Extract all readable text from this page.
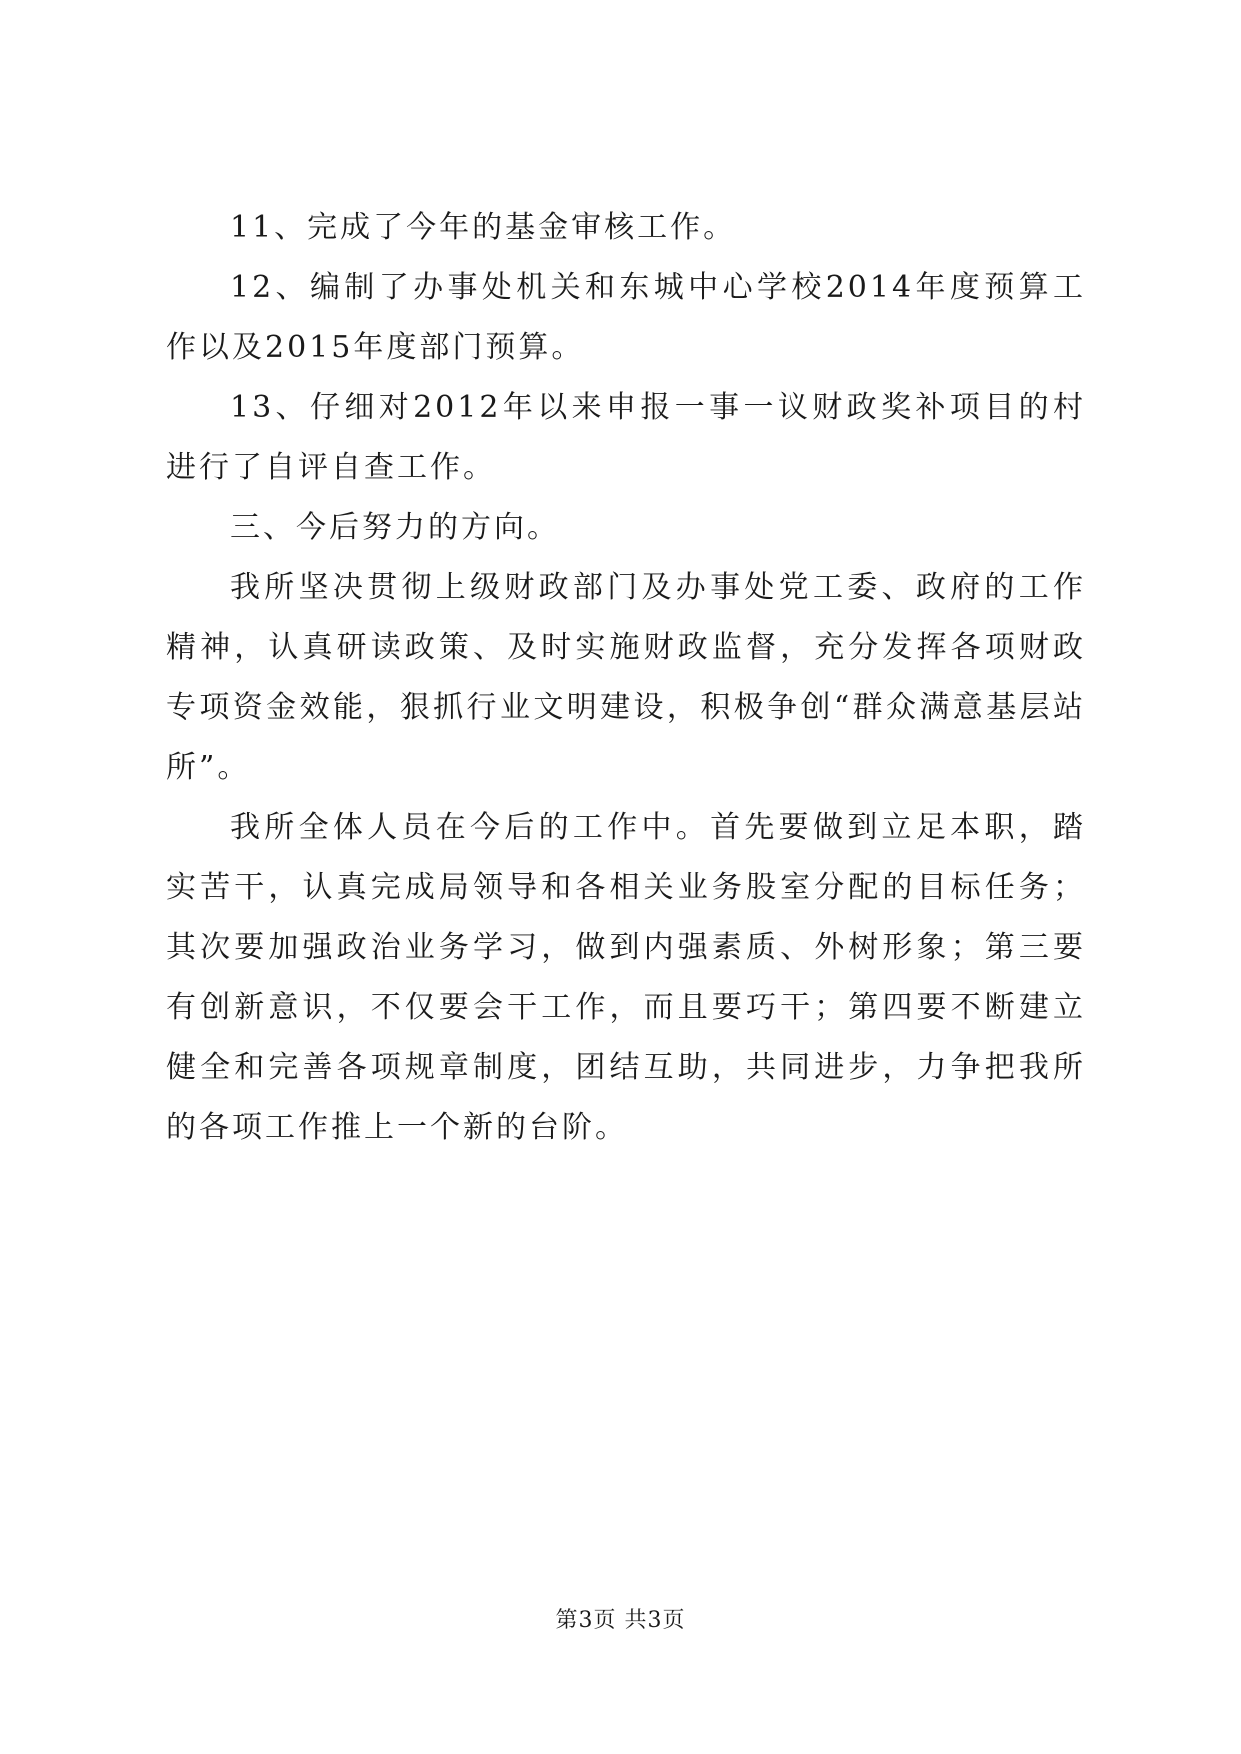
11、完成了今年的基金审核工作。

12、编制了办事处机关和东城中心学校2014年度预算工作以及2015年度部门预算。

13、仔细对2012年以来申报一事一议财政奖补项目的村进行了自评自查工作。

三、今后努力的方向。

我所坚决贯彻上级财政部门及办事处党工委、政府的工作精神，认真研读政策、及时实施财政监督，充分发挥各项财政专项资金效能，狠抓行业文明建设，积极争创“群众满意基层站所”。

我所全体人员在今后的工作中。首先要做到立足本职，踏实苦干，认真完成局领导和各相关业务股室分配的目标任务；其次要加强政治业务学习，做到内强素质、外树形象；第三要有创新意识，不仅要会干工作，而且要巧干；第四要不断建立健全和完善各项规章制度，团结互助，共同进步，力争把我所的各项工作推上一个新的台阶。

第3页 共3页
